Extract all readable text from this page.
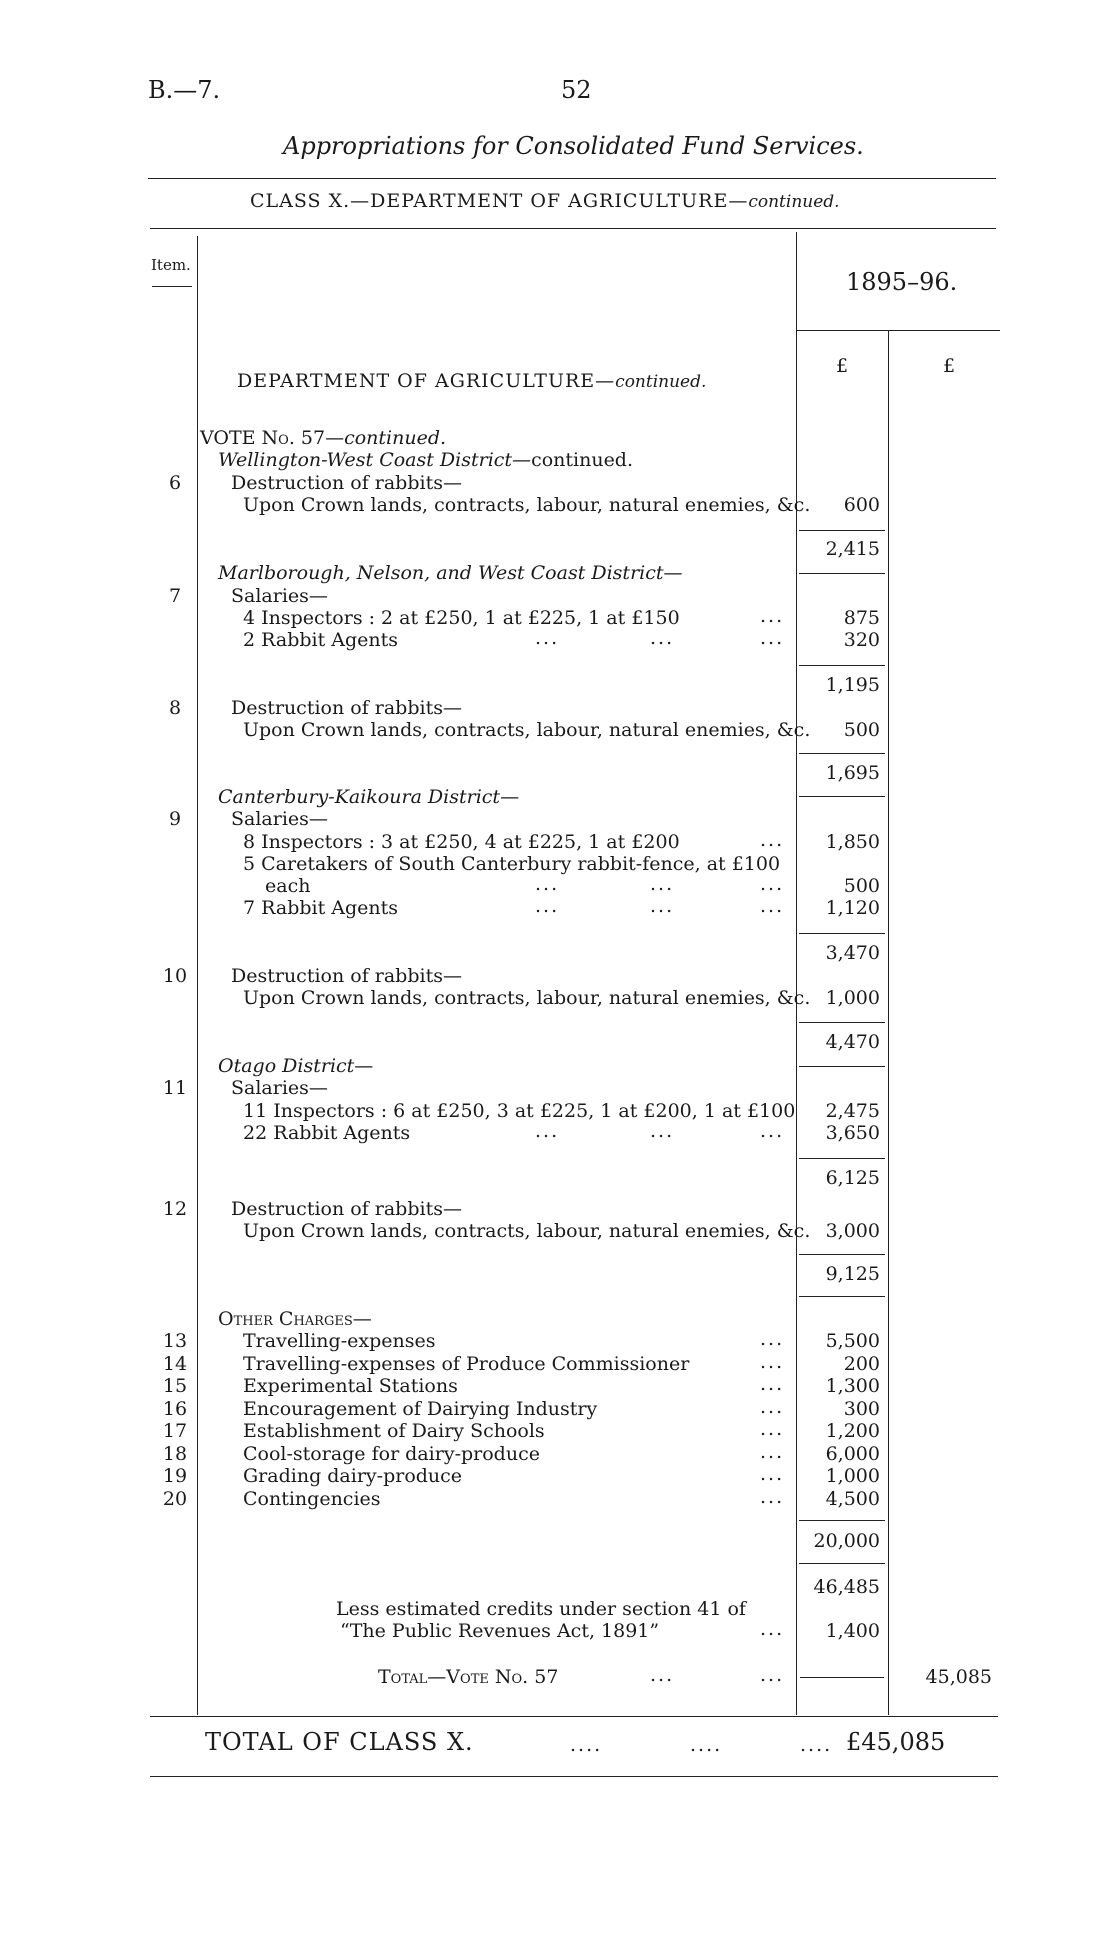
B.—7.	52
Appropriations for Consolidated Fund Services.
CLASS X.—DEPARTMENT OF AGRICULTURE—continued.
Item.
1895–96.
£	£
DEPARTMENT OF AGRICULTURE—continued.
VOTE No. 57—continued.
Wellington-West Coast District—continued.
6	Destruction of rabbits—
Upon Crown lands, contracts, labour, natural enemies, &c.	600
2,415
Marlborough, Nelson, and West Coast District—
7	Salaries—
4 Inspectors : 2 at £250, 1 at £225, 1 at £150	...	875
2 Rabbit Agents	...	...	...	320
1,195
8	Destruction of rabbits—
Upon Crown lands, contracts, labour, natural enemies, &c.	500
1,695
Canterbury-Kaikoura District—
9	Salaries—
8 Inspectors : 3 at £250, 4 at £225, 1 at £200	...	1,850
5 Caretakers of South Canterbury rabbit-fence, at £100
each	...	...	...	500
7 Rabbit Agents	...	...	...	1,120
3,470
10	Destruction of rabbits—
Upon Crown lands, contracts, labour, natural enemies, &c. 1,000
4,470
Otago District—
11	Salaries—
11 Inspectors : 6 at £250, 3 at £225, 1 at £200, 1 at £100	2,475
22 Rabbit Agents	...	...	...	3,650
6,125
12	Destruction of rabbits—
Upon Crown lands, contracts, labour, natural enemies, &c. 3,000
9,125
Other Charges—
13	Travelling-expenses	...	5,500
14	Travelling-expenses of Produce Commissioner	...	200
15	Experimental Stations	...	1,300
16	Encouragement of Dairying Industry	...	300
17	Establishment of Dairy Schools	...	1,200
18	Cool-storage for dairy-produce	...	6,000
19	Grading dairy-produce	...	1,000
20	Contingencies	...	4,500
20,000
46,485
Less estimated credits under section 41 of
“The Public Revenues Act, 1891”	...	1,400
Total—Vote No. 57	...	...	45,085
TOTAL OF CLASS X.	....	....	.... £45,085
